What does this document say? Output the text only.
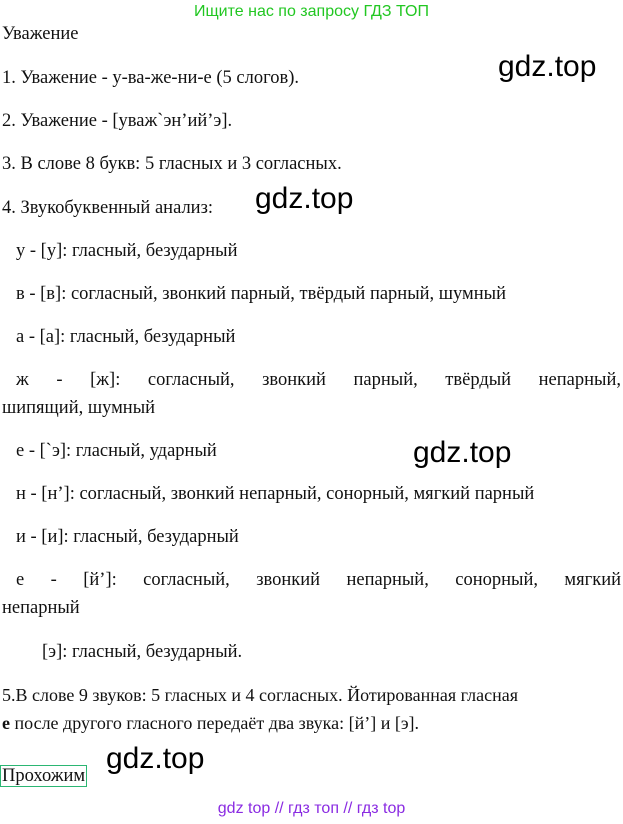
Ищите нас по запросу ГДЗ ТОП
Уважение
1. Уважение - у-ва-же-ни-е (5 слогов).
2. Уважение - [уваж`эн’ий’э].
3. В слове 8 букв: 5 гласных и 3 согласных.
4. Звукобуквенный анализ:
у - [у]: гласный, безударный
в - [в]: согласный, звонкий парный, твёрдый парный, шумный
а - [а]: гласный, безударный
ж - [ж]: согласный, звонкий парный, твёрдый непарный,
шипящий, шумный
е - [`э]: гласный, ударный
н - [н’]: согласный, звонкий непарный, сонорный, мягкий парный
и - [и]: гласный, безударный
е - [й’]: согласный, звонкий непарный, сонорный, мягкий
непарный
[э]: гласный, безударный.
5.В слове 9 звуков: 5 гласных и 4 согласных. Йотированная гласная
е после другого гласного передаёт два звука: [й’] и [э].
Прохожим
gdz.top
gdz.top
gdz.top
gdz.top
gdz top // гдз топ // гдз top
